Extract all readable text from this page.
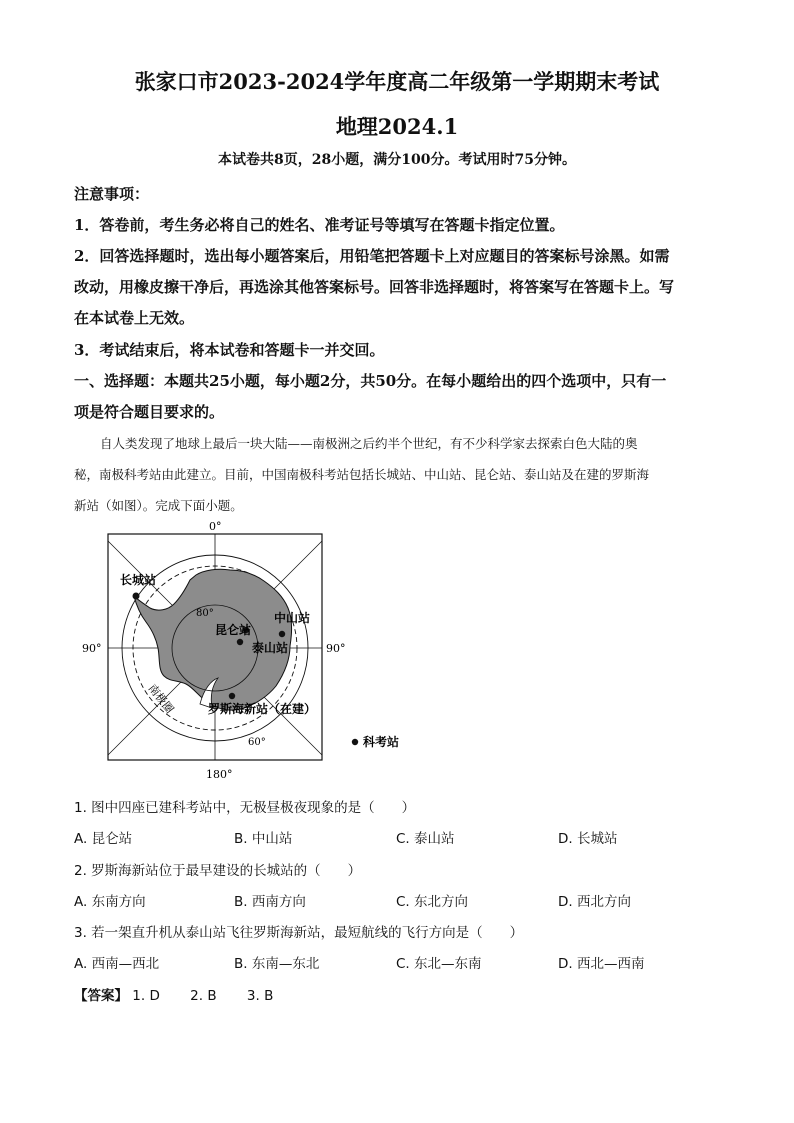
张家口市2023-2024学年度高二年级第一学期期末考试
地理2024.1
本试卷共8页，28小题，满分100分。考试用时75分钟。
注意事项：
1．答卷前，考生务必将自己的姓名、准考证号等填写在答题卡指定位置。
2．回答选择题时，选出每小题答案后，用铅笔把答题卡上对应题目的答案标号涂黑。如需
改动，用橡皮擦干净后，再选涂其他答案标号。回答非选择题时，将答案写在答题卡上。写
在本试卷上无效。
3．考试结束后，将本试卷和答题卡一并交回。
一、选择题：本题共25小题，每小题2分，共50分。在每小题给出的四个选项中，只有一
项是符合题目要求的。
自人类发现了地球上最后一块大陆——南极洲之后约半个世纪，有不少科学家去探索白色大陆的奥
秘，南极科考站由此建立。目前，中国南极科考站包括长城站、中山站、昆仑站、泰山站及在建的罗斯海
新站（如图）。完成下面小题。
0°
180°
90°	90°
80°
60°
长城站
昆仑站
中山站
泰山站
罗斯海新站（在建）
南极圈
科考站
1. 图中四座已建科考站中，无极昼极夜现象的是（　　）
A. 昆仑站	B. 中山站	C. 泰山站	D. 长城站
2. 罗斯海新站位于最早建设的长城站的（　　）
A. 东南方向	B. 西南方向	C. 东北方向	D. 西北方向
3. 若一架直升机从泰山站飞往罗斯海新站，最短航线的飞行方向是（　　）
A. 西南—西北	B. 东南—东北	C. 东北—东南	D. 西北—西南
【答案】 1. D 2. B 3. B
